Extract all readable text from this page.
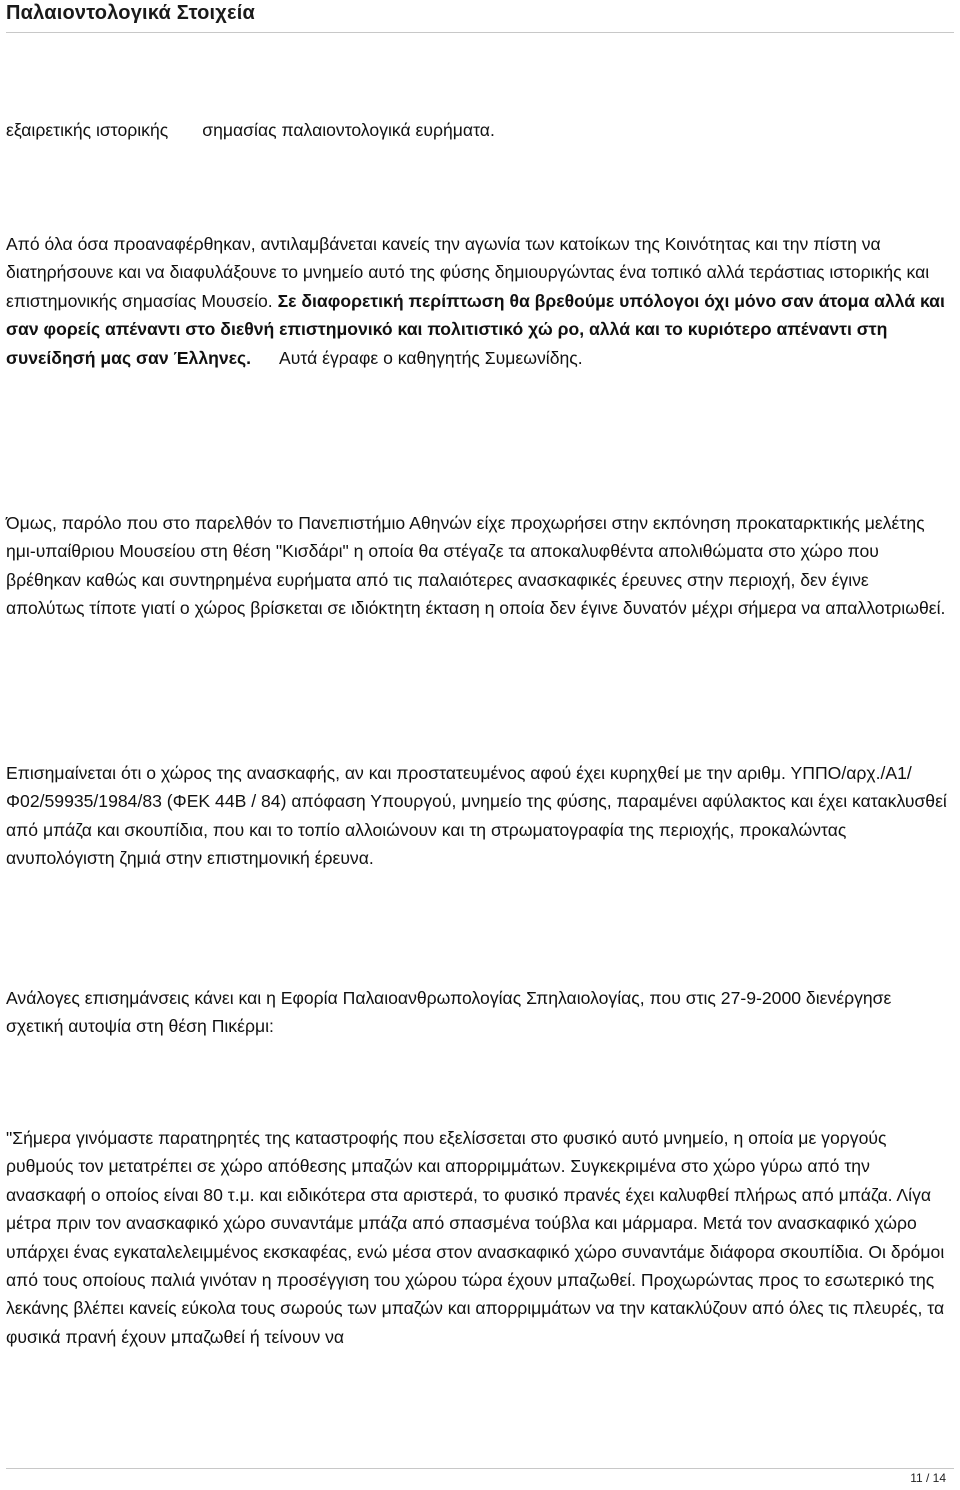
Παλαιοντολογικά Στοιχεία

εξαιρετικής ιστορικής σημασίας παλαιοντολογικά ευρήματα.

Από όλα όσα προαναφέρθηκαν, αντιλαμβάνεται κανείς την αγωνία των κατοίκων της Κοινότητας και την πίστη να διατηρήσουνε και να διαφυλάξουνε το μνημείο αυτό της φύσης δημιουργώντας ένα τοπικό αλλά τεράστιας ιστορικής και επιστημονικής σημασίας Μουσείο. Σε διαφορετική περίπτωση θα βρεθούμε υπόλογοι όχι μόνο σαν άτομα αλλά και σαν φορείς απέναντι στο διεθνή επιστημονικό και πολιτιστικό χώ ρο, αλλά και το κυριότερο απέναντι στη συνείδησή μας σαν Έλληνες. Αυτά έγραφε ο καθηγητής Συμεωνίδης.

Όμως, παρόλο που στο παρελθόν το Πανεπιστήμιο Αθηνών είχε προχωρήσει στην εκπόνηση προκαταρκτικής μελέτης ημι-υπαίθριου Μουσείου στη θέση "Κισδάρι" η οποία θα στέγαζε τα αποκαλυφθέντα απολιθώματα στο χώρο που βρέθηκαν καθώς και συντηρημένα ευρήματα από τις παλαιότερες ανασκαφικές έρευνες στην περιοχή, δεν έγινε απολύτως τίποτε γιατί ο χώρος βρίσκεται σε ιδιόκτητη έκταση η οποία δεν έγινε δυνατόν μέχρι σήμερα να απαλλοτριωθεί.

Επισημαίνεται ότι ο χώρος της ανασκαφής, αν και προστατευμένος αφού έχει κυρηχθεί με την αριθμ. ΥΠΠΟ/αρχ./Α1/Φ02/59935/1984/83 (ΦΕΚ 44Β / 84) απόφαση Υπουργού, μνημείο της φύσης, παραμένει αφύλακτος και έχει κατακλυσθεί από μπάζα και σκουπίδια, που και το τοπίο αλλοιώνουν και τη στρωματογραφία της περιοχής, προκαλώντας ανυπολόγιστη ζημιά στην επιστημονική έρευνα.

Ανάλογες επισημάνσεις κάνει και η Εφορία Παλαιοανθρωπολογίας Σπηλαιολογίας, που στις 27-9-2000 διενέργησε σχετική αυτοψία στη θέση Πικέρμι:

"Σήμερα γινόμαστε παρατηρητές της καταστροφής που εξελίσσεται στο φυσικό αυτό μνημείο, η οποία με γοργούς ρυθμούς τον μετατρέπει σε χώρο απόθεσης μπαζών και απορριμμάτων. Συγκεκριμένα στο χώρο γύρω από την ανασκαφή ο οποίος είναι 80 τ.μ. και ειδικότερα στα αριστερά, το φυσικό πρανές έχει καλυφθεί πλήρως από μπάζα. Λίγα μέτρα πριν τον ανασκαφικό χώρο συναντάμε μπάζα από σπασμένα τούβλα και μάρμαρα. Μετά τον ανασκαφικό χώρο υπάρχει ένας εγκαταλελειμμένος εκσκαφέας, ενώ μέσα στον ανασκαφικό χώρο συναντάμε διάφορα σκουπίδια. Οι δρόμοι από τους οποίους παλιά γινόταν η προσέγγιση του χώρου τώρα έχουν μπαζωθεί. Προχωρώντας προς το εσωτερικό της λεκάνης βλέπει κανείς εύκολα τους σωρούς των μπαζών και απορριμμάτων να την κατακλύζουν από όλες τις πλευρές, τα φυσικά πρανή έχουν μπαζωθεί ή τείνουν να

11 / 14
